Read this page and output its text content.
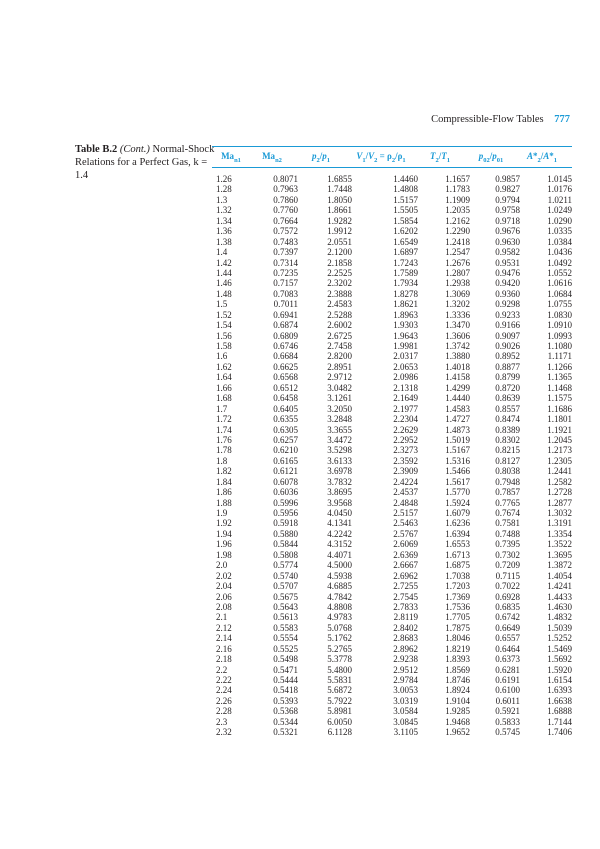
Compressible-Flow Tables 777
Table B.2 (Cont.) Normal-Shock Relations for a Perfect Gas, k = 1.4
$Ma_{n1}$	$Ma_{n2}$	$p_2/p_1$	$V_1/V_2 = \rho_2/\rho_1$	$T_2/T_1$	$p_{02}/p_{01}$	$A*_2/A*_1$
1.26	0.8071	1.6855	1.4460	1.1657	0.9857	1.0145
1.28	0.7963	1.7448	1.4808	1.1783	0.9827	1.0176
1.3	0.7860	1.8050	1.5157	1.1909	0.9794	1.0211
1.32	0.7760	1.8661	1.5505	1.2035	0.9758	1.0249
1.34	0.7664	1.9282	1.5854	1.2162	0.9718	1.0290
1.36	0.7572	1.9912	1.6202	1.2290	0.9676	1.0335
1.38	0.7483	2.0551	1.6549	1.2418	0.9630	1.0384
1.4	0.7397	2.1200	1.6897	1.2547	0.9582	1.0436
1.42	0.7314	2.1858	1.7243	1.2676	0.9531	1.0492
1.44	0.7235	2.2525	1.7589	1.2807	0.9476	1.0552
1.46	0.7157	2.3202	1.7934	1.2938	0.9420	1.0616
1.48	0.7083	2.3888	1.8278	1.3069	0.9360	1.0684
1.5	0.7011	2.4583	1.8621	1.3202	0.9298	1.0755
1.52	0.6941	2.5288	1.8963	1.3336	0.9233	1.0830
1.54	0.6874	2.6002	1.9303	1.3470	0.9166	1.0910
1.56	0.6809	2.6725	1.9643	1.3606	0.9097	1.0993
1.58	0.6746	2.7458	1.9981	1.3742	0.9026	1.1080
1.6	0.6684	2.8200	2.0317	1.3880	0.8952	1.1171
1.62	0.6625	2.8951	2.0653	1.4018	0.8877	1.1266
1.64	0.6568	2.9712	2.0986	1.4158	0.8799	1.1365
1.66	0.6512	3.0482	2.1318	1.4299	0.8720	1.1468
1.68	0.6458	3.1261	2.1649	1.4440	0.8639	1.1575
1.7	0.6405	3.2050	2.1977	1.4583	0.8557	1.1686
1.72	0.6355	3.2848	2.2304	1.4727	0.8474	1.1801
1.74	0.6305	3.3655	2.2629	1.4873	0.8389	1.1921
1.76	0.6257	3.4472	2.2952	1.5019	0.8302	1.2045
1.78	0.6210	3.5298	2.3273	1.5167	0.8215	1.2173
1.8	0.6165	3.6133	2.3592	1.5316	0.8127	1.2305
1.82	0.6121	3.6978	2.3909	1.5466	0.8038	1.2441
1.84	0.6078	3.7832	2.4224	1.5617	0.7948	1.2582
1.86	0.6036	3.8695	2.4537	1.5770	0.7857	1.2728
1.88	0.5996	3.9568	2.4848	1.5924	0.7765	1.2877
1.9	0.5956	4.0450	2.5157	1.6079	0.7674	1.3032
1.92	0.5918	4.1341	2.5463	1.6236	0.7581	1.3191
1.94	0.5880	4.2242	2.5767	1.6394	0.7488	1.3354
1.96	0.5844	4.3152	2.6069	1.6553	0.7395	1.3522
1.98	0.5808	4.4071	2.6369	1.6713	0.7302	1.3695
2.0	0.5774	4.5000	2.6667	1.6875	0.7209	1.3872
2.02	0.5740	4.5938	2.6962	1.7038	0.7115	1.4054
2.04	0.5707	4.6885	2.7255	1.7203	0.7022	1.4241
2.06	0.5675	4.7842	2.7545	1.7369	0.6928	1.4433
2.08	0.5643	4.8808	2.7833	1.7536	0.6835	1.4630
2.1	0.5613	4.9783	2.8119	1.7705	0.6742	1.4832
2.12	0.5583	5.0768	2.8402	1.7875	0.6649	1.5039
2.14	0.5554	5.1762	2.8683	1.8046	0.6557	1.5252
2.16	0.5525	5.2765	2.8962	1.8219	0.6464	1.5469
2.18	0.5498	5.3778	2.9238	1.8393	0.6373	1.5692
2.2	0.5471	5.4800	2.9512	1.8569	0.6281	1.5920
2.22	0.5444	5.5831	2.9784	1.8746	0.6191	1.6154
2.24	0.5418	5.6872	3.0053	1.8924	0.6100	1.6393
2.26	0.5393	5.7922	3.0319	1.9104	0.6011	1.6638
2.28	0.5368	5.8981	3.0584	1.9285	0.5921	1.6888
2.3	0.5344	6.0050	3.0845	1.9468	0.5833	1.7144
2.32	0.5321	6.1128	3.1105	1.9652	0.5745	1.7406
